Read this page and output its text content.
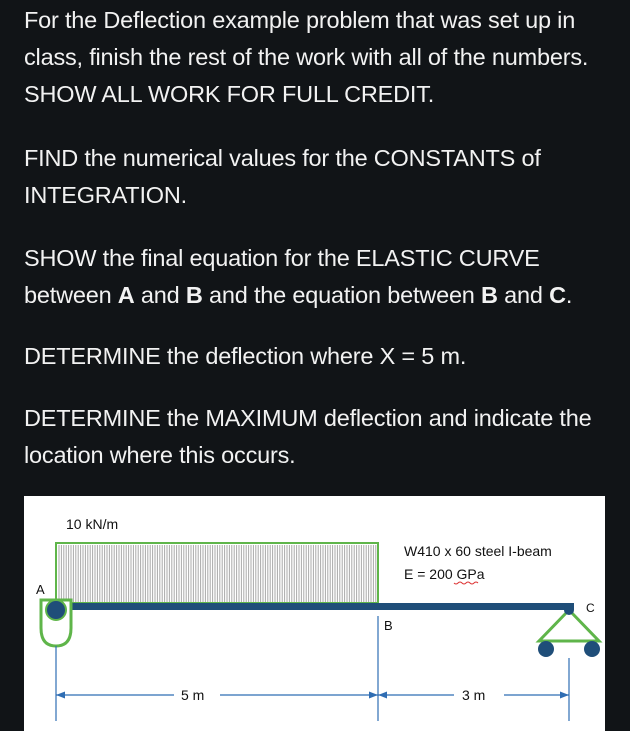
For the Deflection example problem that was set up in class, finish the rest of the work with all of the numbers. SHOW ALL WORK FOR FULL CREDIT.
FIND the numerical values for the CONSTANTS of INTEGRATION.
SHOW the final equation for the ELASTIC CURVE between A and B and the equation between B and C.
DETERMINE the deflection where X = 5 m.
DETERMINE the MAXIMUM deflection and indicate the location where this occurs.
10 kN/m
A
C
B
W410 x 60 steel I-beam
E = 200 GPa
5 m	3 m
